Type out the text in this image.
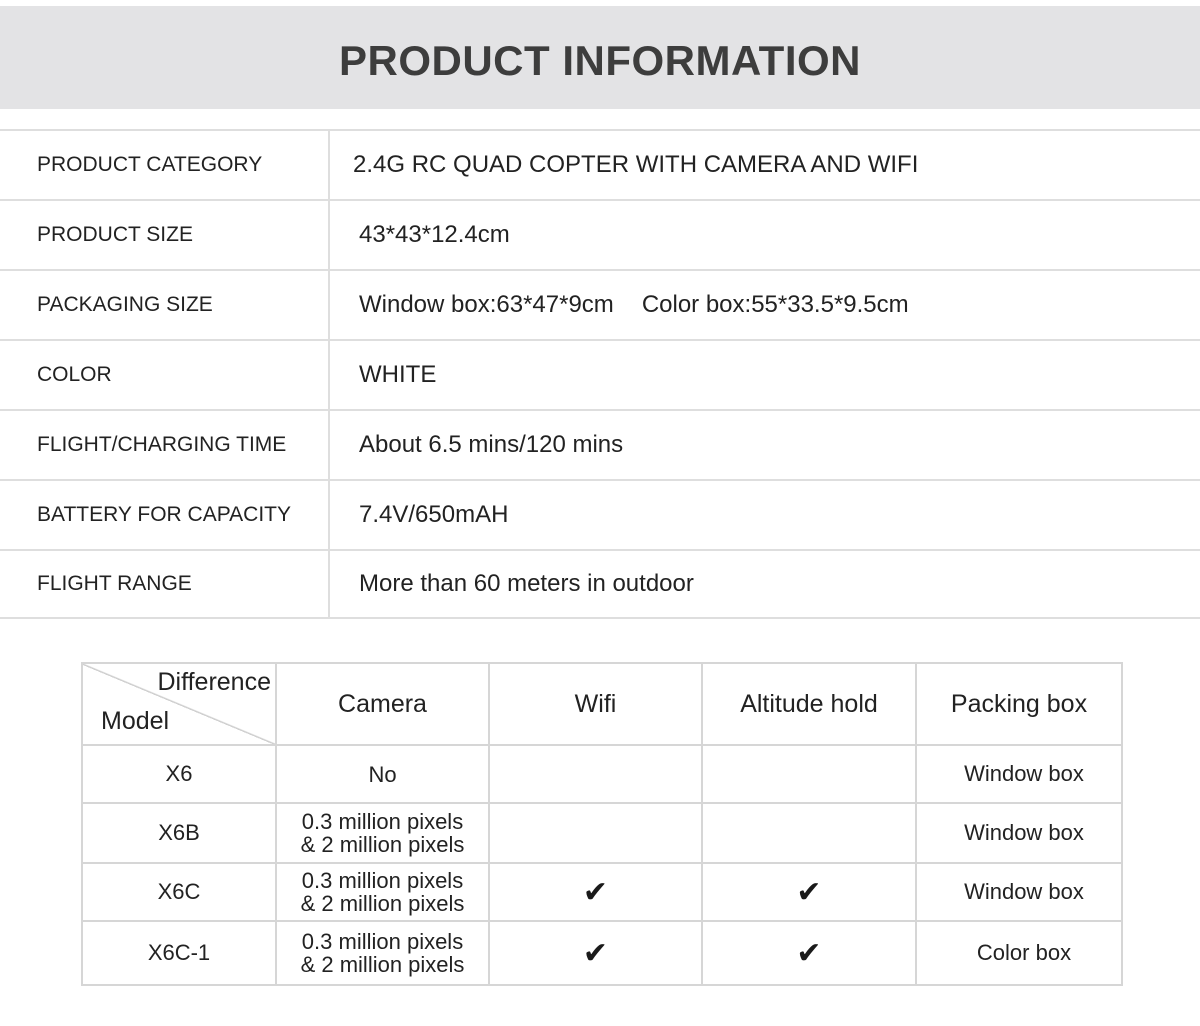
PRODUCT INFORMATION
PRODUCT CATEGORY	2.4G RC QUAD COPTER WITH CAMERA AND WIFI
PRODUCT SIZE	43*43*12.4cm
PACKAGING SIZE	Window box:63*47*9cm Color box:55*33.5*9.5cm
COLOR	WHITE
FLIGHT/CHARGING TIME	About 6.5 mins/120 mins
BATTERY FOR CAPACITY	7.4V/650mAH
FLIGHT RANGE	More than 60 meters in outdoor
Difference
Model	Camera	Wifi	Altitude hold	Packing box
X6	No			Window box
X6B	0.3 million pixels
& 2 million pixels			Window box
X6C	0.3 million pixels
& 2 million pixels	✔	✔	Window box
X6C-1	0.3 million pixels
& 2 million pixels	✔	✔	Color box
